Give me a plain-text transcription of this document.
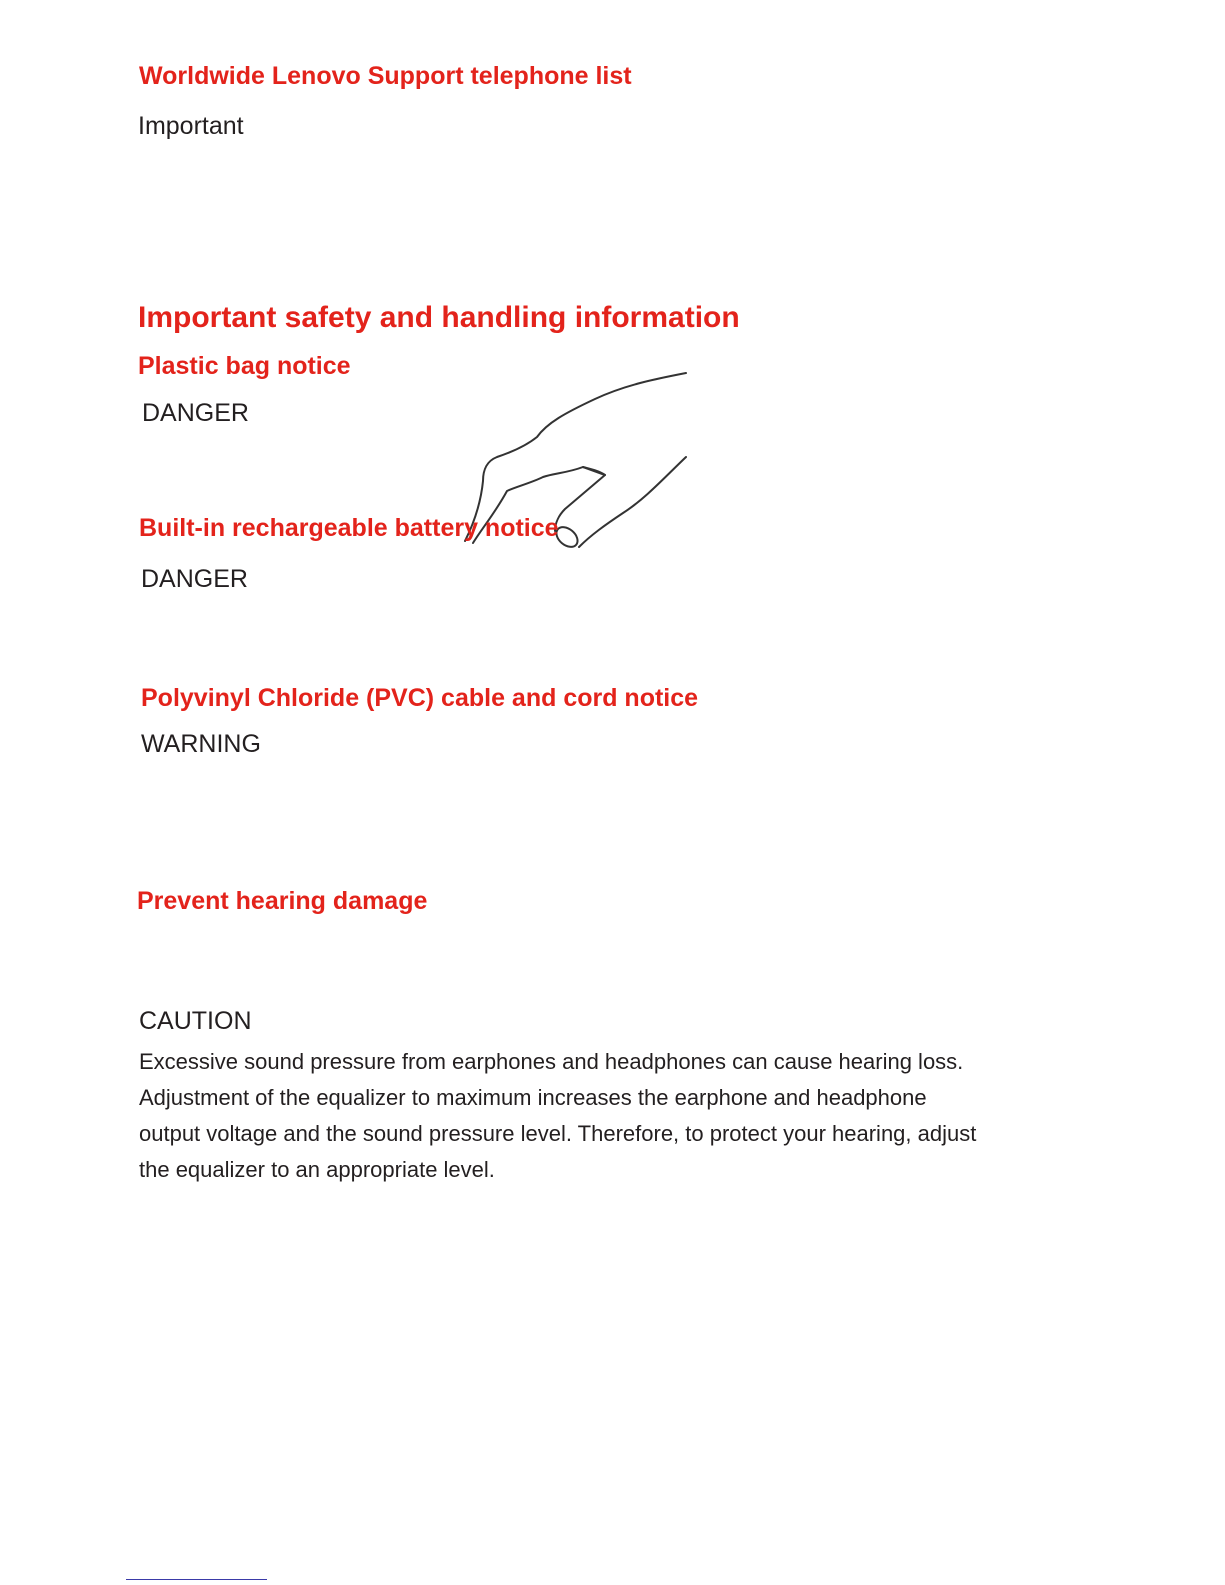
Worldwide Lenovo Support telephone list
Important
Important safety and handling information
Plastic bag notice
DANGER
Built-in rechargeable battery notice
DANGER
Polyvinyl Chloride (PVC) cable and cord notice
WARNING
Prevent hearing damage
CAUTION

Excessive sound pressure from earphones and headphones can cause hearing loss.
Adjustment of the equalizer to maximum increases the earphone and headphone
output voltage and the sound pressure level. Therefore, to protect your hearing, adjust
the equalizer to an appropriate level.
